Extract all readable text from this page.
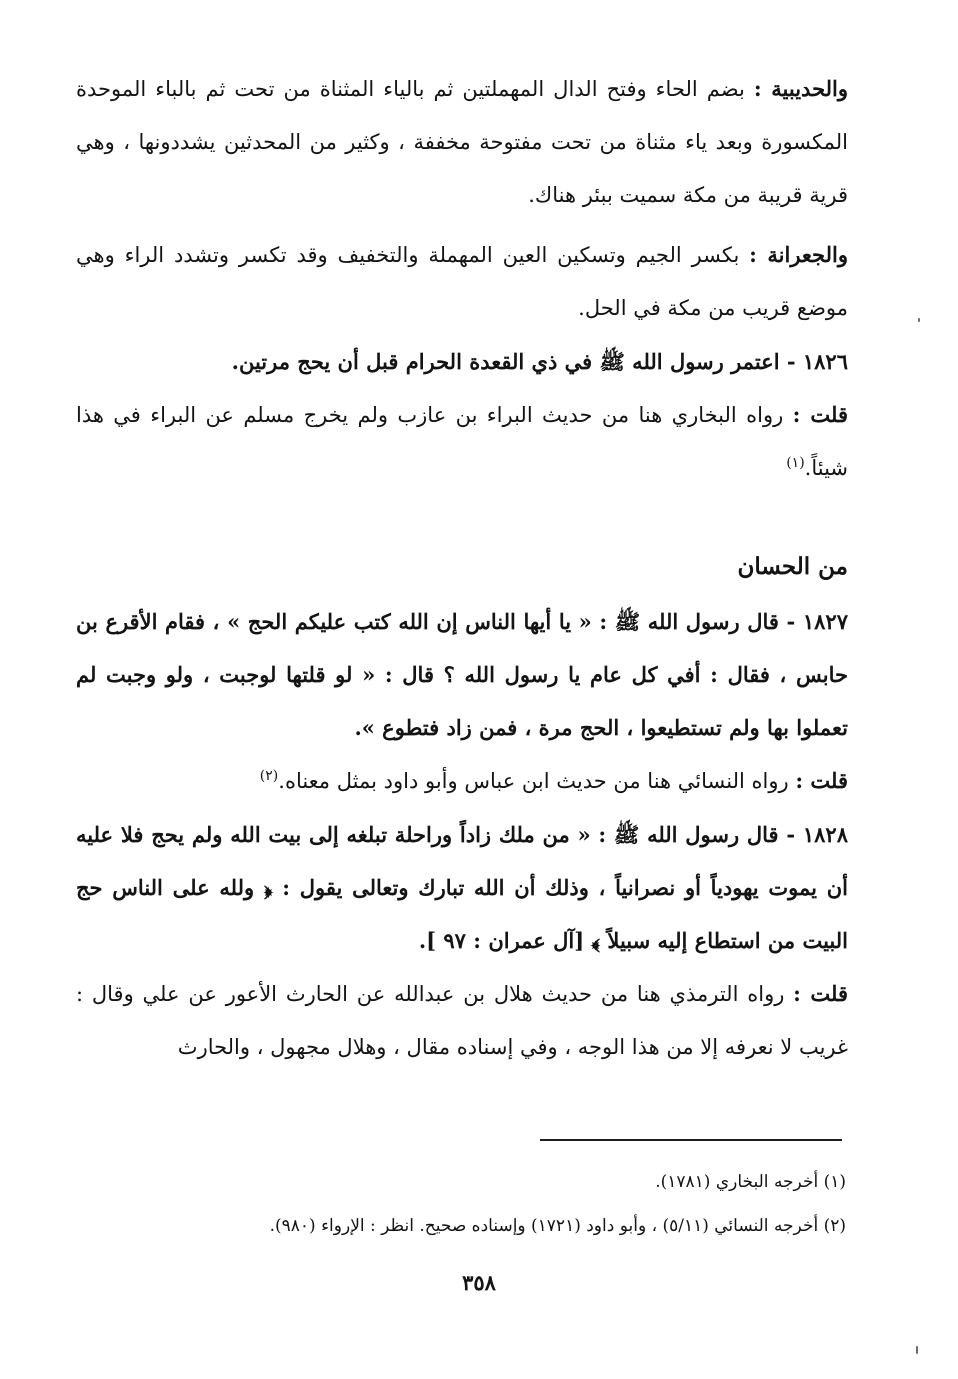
والحديبية : بضم الحاء وفتح الدال المهملتين ثم بالياء المثناة من تحت ثم بالباء الموحدة المكسورة وبعد ياء مثناة من تحت مفتوحة مخففة ، وكثير من المحدثين يشددونها ، وهي قرية قريبة من مكة سميت ببئر هناك.

والجعرانة : بكسر الجيم وتسكين العين المهملة والتخفيف وقد تكسر وتشدد الراء وهي موضع قريب من مكة في الحل.

١٨٢٦ - اعتمر رسول الله ﷺ في ذي القعدة الحرام قبل أن يحج مرتين.

قلت : رواه البخاري هنا من حديث البراء بن عازب ولم يخرج مسلم عن البراء في هذا شيئاً.$^{(١)}$

من الحسان

١٨٢٧ - قال رسول الله ﷺ : « يا أيها الناس إن الله كتب عليكم الحج » ، فقام الأقرع بن حابس ، فقال : أفي كل عام يا رسول الله ؟ قال : « لو قلتها لوجبت ، ولو وجبت لم تعملوا بها ولم تستطيعوا ، الحج مرة ، فمن زاد فتطوع ».

قلت : رواه النسائي هنا من حديث ابن عباس وأبو داود بمثل معناه.$^{(٢)}$

١٨٢٨ - قال رسول الله ﷺ : « من ملك زاداً وراحلة تبلغه إلى بيت الله ولم يحج فلا عليه أن يموت يهودياً أو نصرانياً ، وذلك أن الله تبارك وتعالى يقول : ﴿ ولله على الناس حج البيت من استطاع إليه سبيلاً ﴾ [آل عمران : ٩٧ ].

قلت : رواه الترمذي هنا من حديث هلال بن عبدالله عن الحارث الأعور عن علي وقال : غريب لا نعرفه إلا من هذا الوجه ، وفي إسناده مقال ، وهلال مجهول ، والحارث

(١) أخرجه البخاري (١٧٨١).

(٢) أخرجه النسائي (٥/١١) ، وأبو داود (١٧٢١) وإسناده صحيح. انظر : الإرواء (٩٨٠).

٣٥٨
